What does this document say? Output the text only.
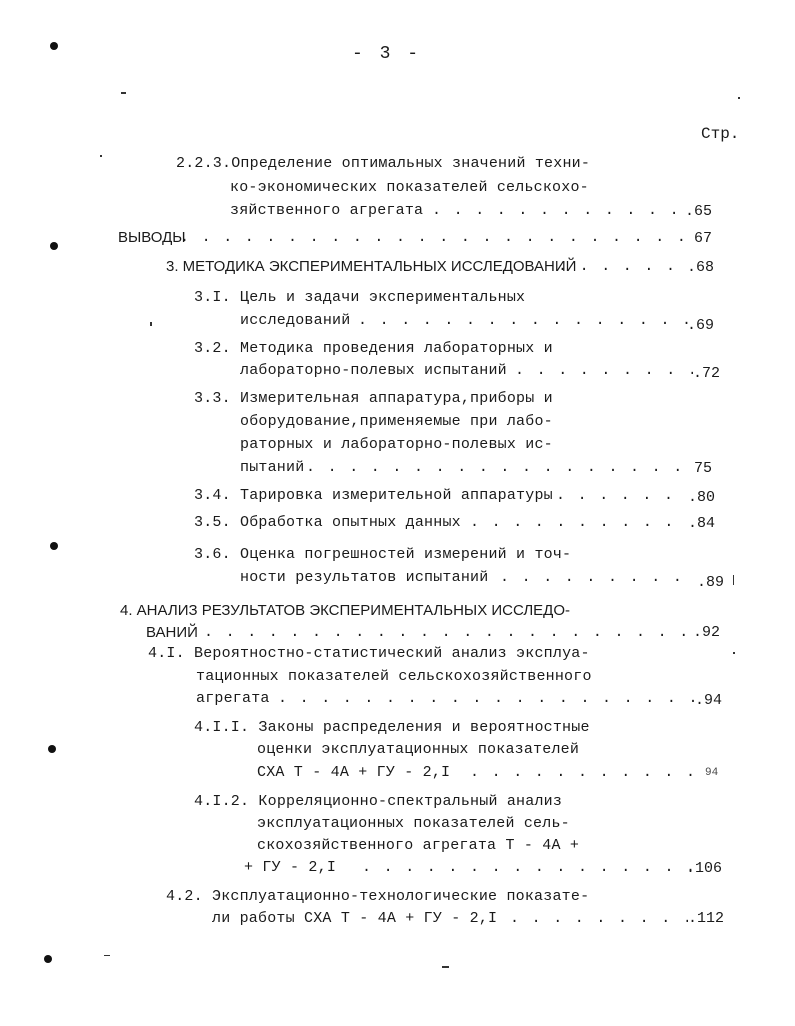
- 3 -
Стр.
2.2.3.Определение оптимальных значений техни-
ко-экономических показателей сельскохо-
зяйственного агрегата . . .	.65
ВЫВОДЫ . . .	67
3. МЕТОДИКА ЭКСПЕРИМЕНТАЛЬНЫХ ИССЛЕДОВАНИЙ . . .	.68
3.I. Цель и задачи экспериментальных
исследований . . .	.69
3.2. Методика проведения лабораторных и
лабораторно-полевых испытаний . . .	.72
3.3. Измерительная аппаратура,приборы и
оборудование,применяемые при лабо-
раторных и лабораторно-полевых ис-
пытаний . . .	75
3.4. Тарировка измерительной аппаратуры . . .	.80
3.5. Обработка опытных данных . . .	.84
3.6. Оценка погрешностей измерений и точ-
ности результатов испытаний . . .	.89
4. АНАЛИЗ РЕЗУЛЬТАТОВ ЭКСПЕРИМЕНТАЛЬНЫХ ИССЛЕДО-
ВАНИЙ . . .	.92
4.I. Вероятностно-статистический анализ эксплуа-
тационных показателей сельскохозяйственного
агрегата . . .	.94
4.I.I. Законы распределения и вероятностные
оценки эксплуатационных показателей
СХА Т - 4А + ГУ - 2,I . . .	94
4.I.2. Корреляционно-спектральный анализ
эксплуатационных показателей сель-
скохозяйственного агрегата Т - 4А +
+ ГУ - 2,I . . .	.106
4.2. Эксплуатационно-технологические показате-
ли работы СХА Т - 4А + ГУ - 2,I . . .	.112
